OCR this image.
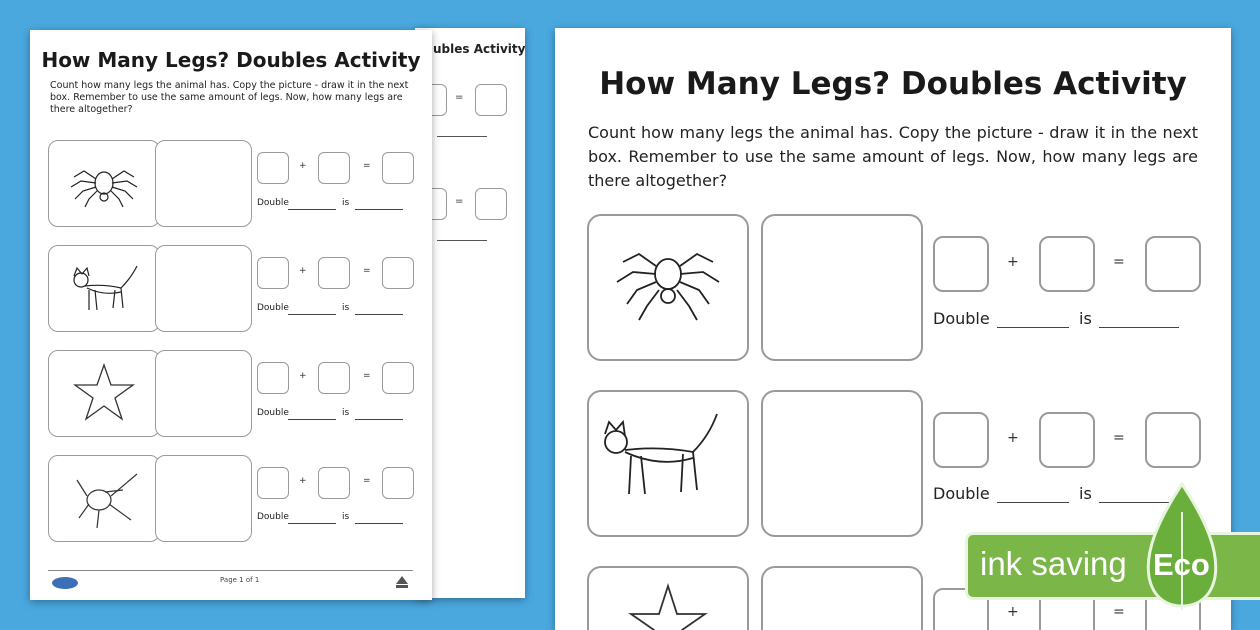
ubles Activity
=
=
How Many Legs? Doubles Activity
Count how many legs the animal has. Copy the picture - draw it in the next box. Remember to use the same amount of legs. Now, how many legs are there altogether?
+	=
Double	is
+	=
Double	is
+	=
Double	is
+	=
Double	is
Page 1 of 1
How Many Legs? Doubles Activity
Count how many legs the animal has. Copy the picture - draw it in the next box. Remember to use the same amount of legs. Now, how many legs are there altogether?
+	=
Double	is
+	=
Double	is
+	=
ink saving Eco
